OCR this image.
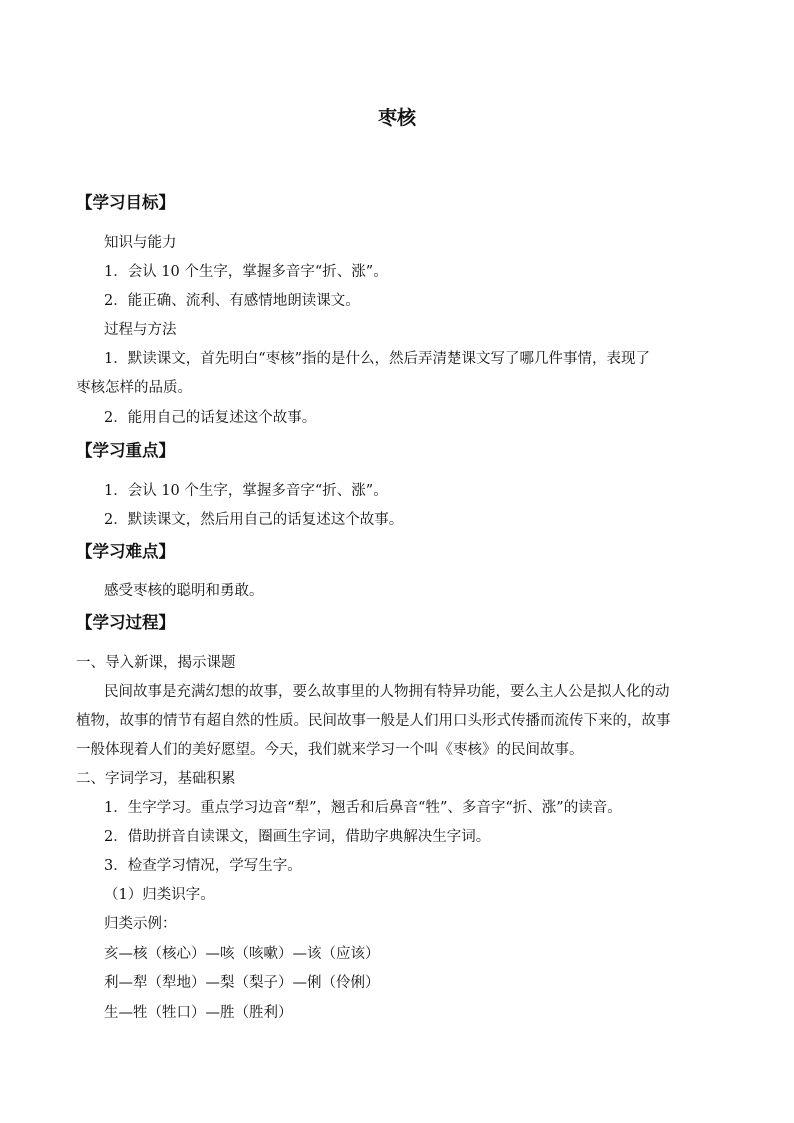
枣核
【学习目标】
知识与能力
1．会认 10 个生字，掌握多音字“折、涨”。
2．能正确、流利、有感情地朗读课文。
过程与方法
1．默读课文，首先明白“枣核”指的是什么，然后弄清楚课文写了哪几件事情，表现了
枣核怎样的品质。
2．能用自己的话复述这个故事。
【学习重点】
1．会认 10 个生字，掌握多音字“折、涨”。
2．默读课文，然后用自己的话复述这个故事。
【学习难点】
感受枣核的聪明和勇敢。
【学习过程】
一、导入新课，揭示课题
民间故事是充满幻想的故事，要么故事里的人物拥有特异功能，要么主人公是拟人化的动
植物，故事的情节有超自然的性质。民间故事一般是人们用口头形式传播而流传下来的，故事
一般体现着人们的美好愿望。今天，我们就来学习一个叫《枣核》的民间故事。
二、字词学习，基础积累
1．生字学习。重点学习边音“犁”，翘舌和后鼻音“牲”、多音字“折、涨”的读音。
2．借助拼音自读课文，圈画生字词，借助字典解决生字词。
3．检查学习情况，学写生字。
（1）归类识字。
归类示例：
亥—核（核心）—咳（咳嗽）—该（应该）
利—犁（犁地）—梨（梨子）—俐（伶俐）
生—牲（牲口）—胜（胜利）
